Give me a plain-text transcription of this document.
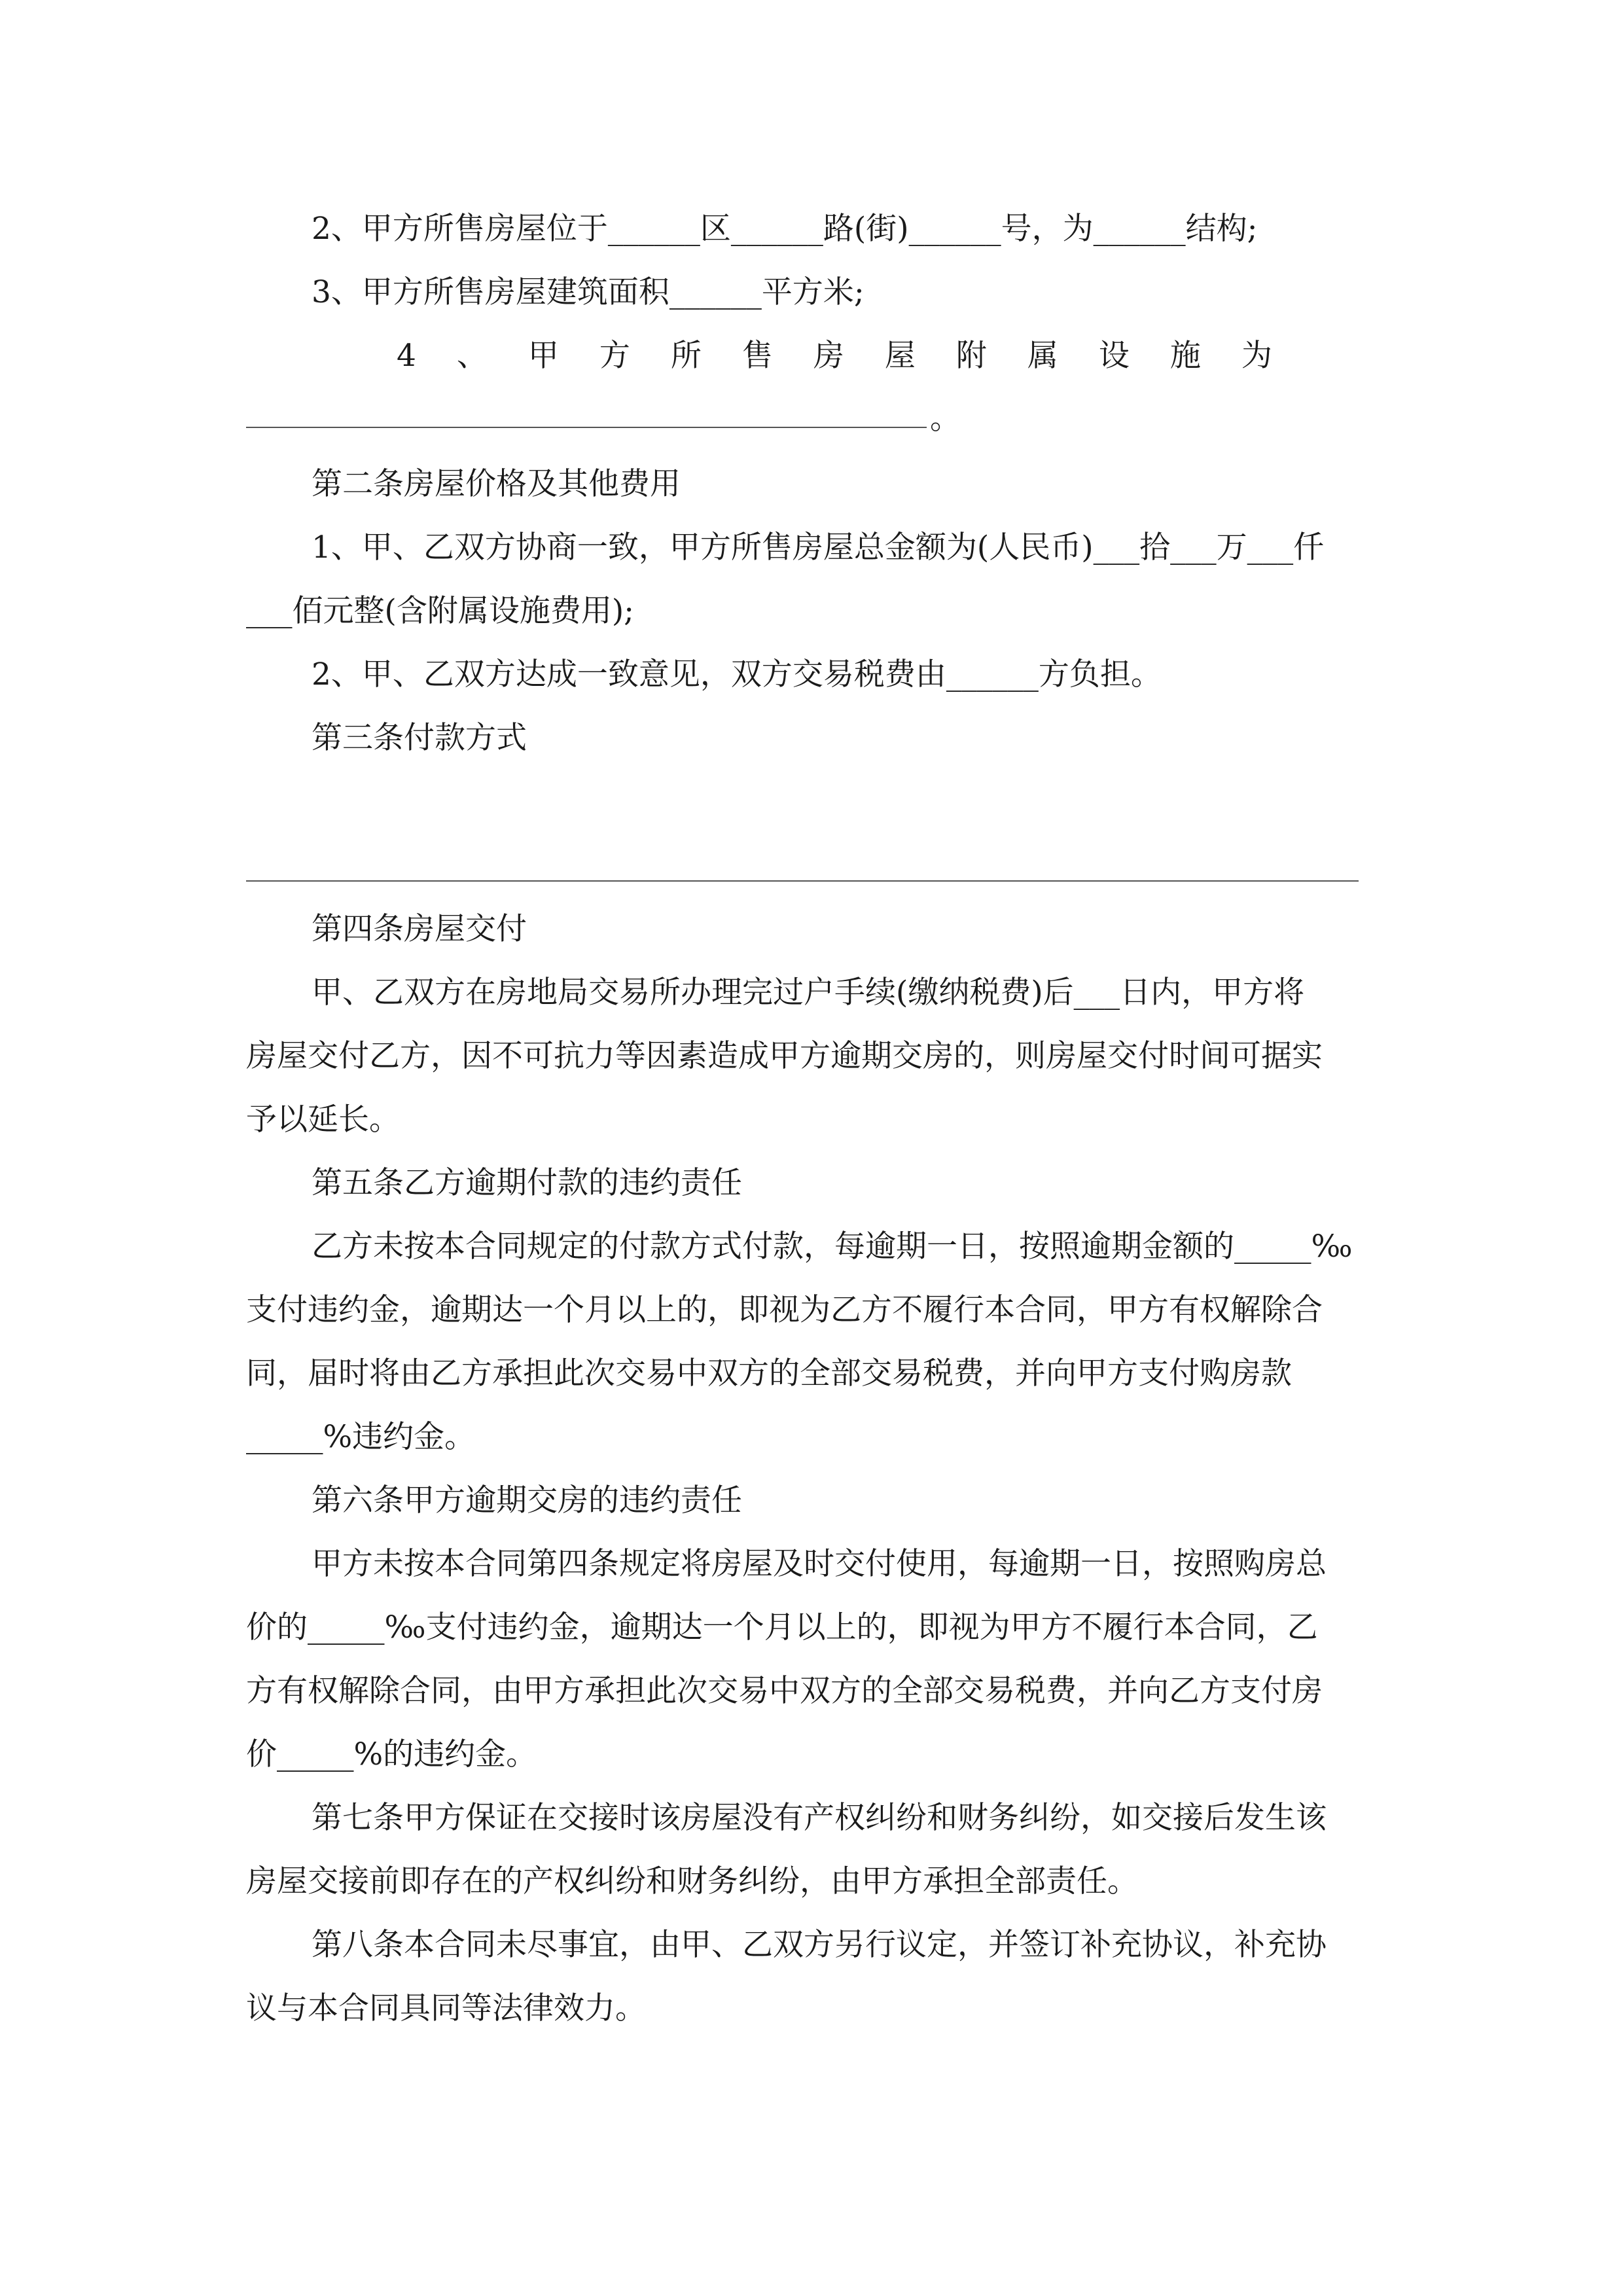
2、甲方所售房屋位于______区______路(街)______号，为______结构;
3、甲方所售房屋建筑面积______平方米;
4、甲方所售房屋附属设施为
。
第二条房屋价格及其他费用
1、甲、乙双方协商一致，甲方所售房屋总金额为(人民币)___拾___万___仟
___佰元整(含附属设施费用);
2、甲、乙双方达成一致意见，双方交易税费由______方负担。
第三条付款方式
第四条房屋交付
甲、乙双方在房地局交易所办理完过户手续(缴纳税费)后___日内，甲方将
房屋交付乙方，因不可抗力等因素造成甲方逾期交房的，则房屋交付时间可据实
予以延长。
第五条乙方逾期付款的违约责任
乙方未按本合同规定的付款方式付款，每逾期一日，按照逾期金额的_____‰
支付违约金，逾期达一个月以上的，即视为乙方不履行本合同，甲方有权解除合
同，届时将由乙方承担此次交易中双方的全部交易税费，并向甲方支付购房款
_____%违约金。
第六条甲方逾期交房的违约责任
甲方未按本合同第四条规定将房屋及时交付使用，每逾期一日，按照购房总
价的_____‰支付违约金，逾期达一个月以上的，即视为甲方不履行本合同，乙
方有权解除合同，由甲方承担此次交易中双方的全部交易税费，并向乙方支付房
价_____%的违约金。
第七条甲方保证在交接时该房屋没有产权纠纷和财务纠纷，如交接后发生该
房屋交接前即存在的产权纠纷和财务纠纷，由甲方承担全部责任。
第八条本合同未尽事宜，由甲、乙双方另行议定，并签订补充协议，补充协
议与本合同具同等法律效力。
